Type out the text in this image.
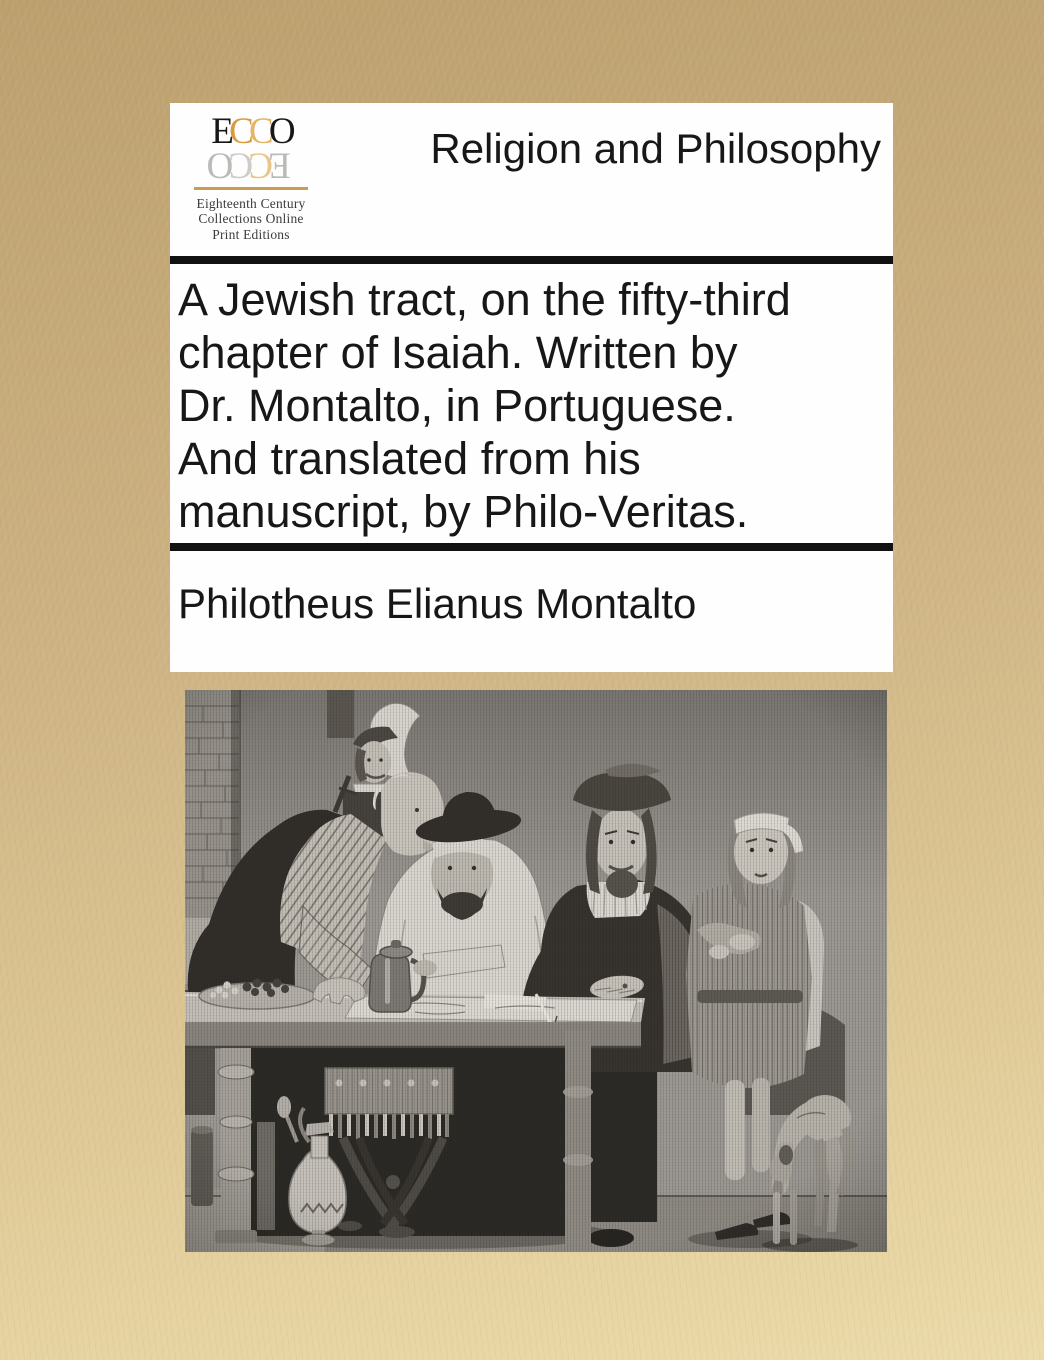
ECCO
ECCO
Eighteenth Century
Collections Online
Print Editions
Religion and Philosophy
A Jewish tract, on the fifty-third
chapter of Isaiah. Written by
Dr. Montalto, in Portuguese.
And translated from his
manuscript, by Philo-Veritas.
Philotheus Elianus Montalto
